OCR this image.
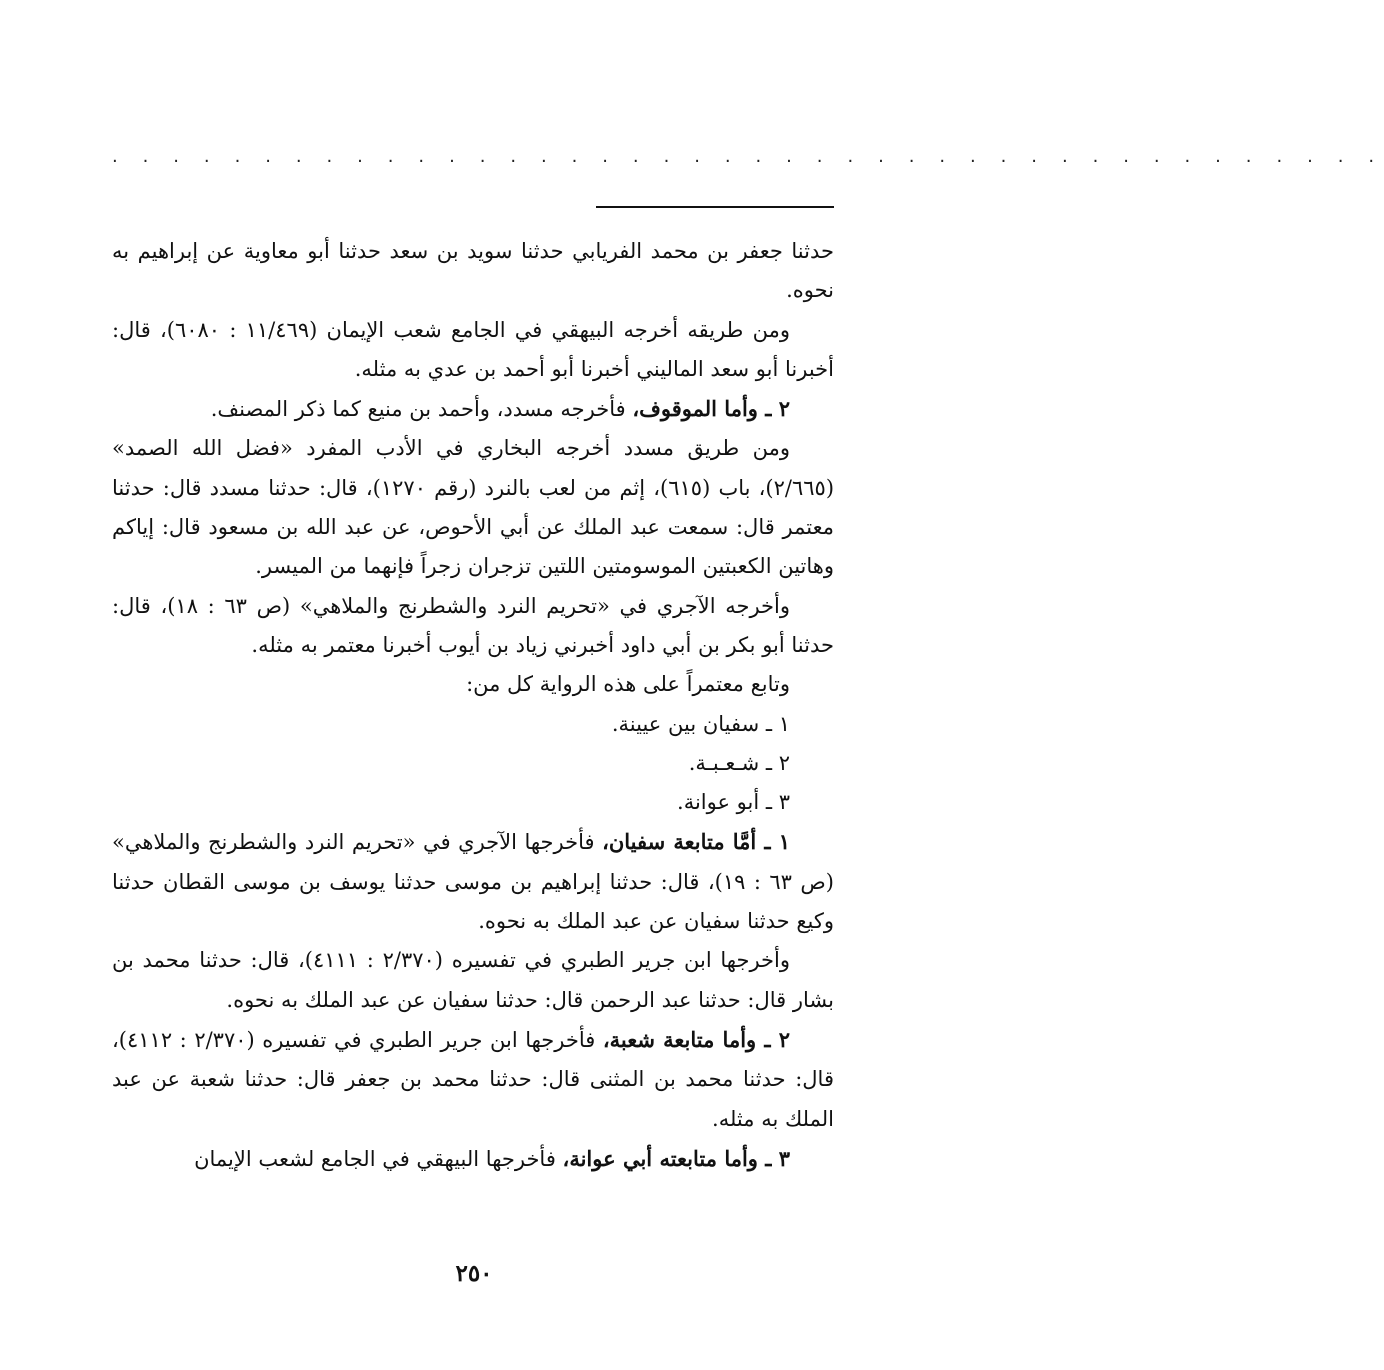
. . . . . . . . . . . . . . . . . . . . . . . . . . . . . . . . . . . . . . . . . .

حدثنا جعفر بن محمد الفريابي حدثنا سويد بن سعد حدثنا أبو معاوية عن إبراهيم به نحوه.

ومن طريقه أخرجه البيهقي في الجامع شعب الإيمان (١١/٤٦٩ : ٦٠٨٠)، قال: أخبرنا أبو سعد الماليني أخبرنا أبو أحمد بن عدي به مثله.

٢ ـ وأما الموقوف، فأخرجه مسدد، وأحمد بن منيع كما ذكر المصنف.

ومن طريق مسدد أخرجه البخاري في الأدب المفرد «فضل الله الصمد» (٢/٦٦٥)، باب (٦١٥)، إثم من لعب بالنرد (رقم ١٢٧٠)، قال: حدثنا مسدد قال: حدثنا معتمر قال: سمعت عبد الملك عن أبي الأحوص، عن عبد الله بن مسعود قال: إياكم وهاتين الكعبتين الموسومتين اللتين تزجران زجراً فإنهما من الميسر.

وأخرجه الآجري في «تحريم النرد والشطرنج والملاهي» (ص ٦٣ : ١٨)، قال: حدثنا أبو بكر بن أبي داود أخبرني زياد بن أيوب أخبرنا معتمر به مثله.

وتابع معتمراً على هذه الرواية كل من:

١ ـ سفيان بين عيينة.

٢ ـ شـعـبـة.

٣ ـ أبو عوانة.

١ ـ أمَّا متابعة سفيان، فأخرجها الآجري في «تحريم النرد والشطرنج والملاهي» (ص ٦٣ : ١٩)، قال: حدثنا إبراهيم بن موسى حدثنا يوسف بن موسى القطان حدثنا وكيع حدثنا سفيان عن عبد الملك به نحوه.

وأخرجها ابن جرير الطبري في تفسيره (٢/٣٧٠ : ٤١١١)، قال: حدثنا محمد بن بشار قال: حدثنا عبد الرحمن قال: حدثنا سفيان عن عبد الملك به نحوه.

٢ ـ وأما متابعة شعبة، فأخرجها ابن جرير الطبري في تفسيره (٢/٣٧٠ : ٤١١٢)، قال: حدثنا محمد بن المثنى قال: حدثنا محمد بن جعفر قال: حدثنا شعبة عن عبد الملك به مثله.

٣ ـ وأما متابعته أبي عوانة، فأخرجها البيهقي في الجامع لشعب الإيمان

٢٥٠
